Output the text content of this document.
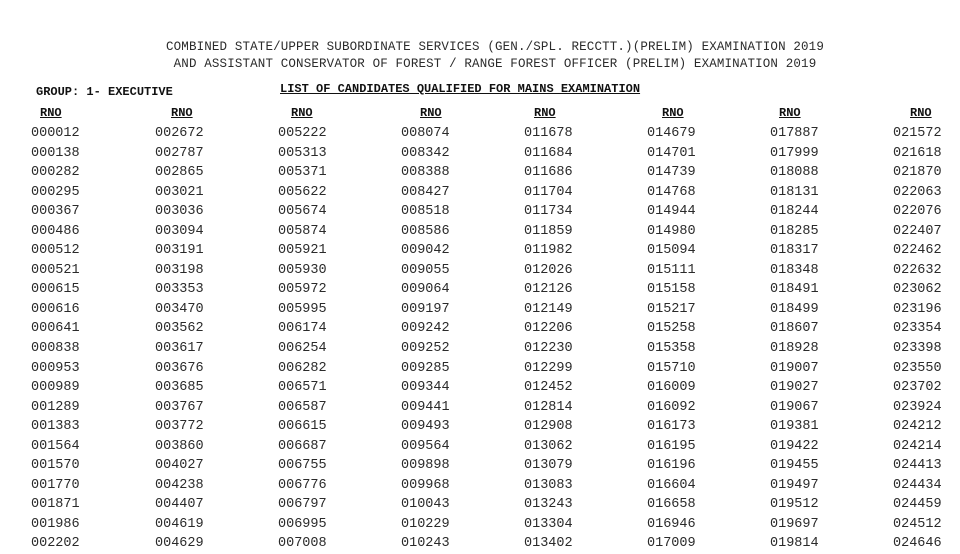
COMBINED STATE/UPPER SUBORDINATE SERVICES (GEN./SPL. RECCTT.)(PRELIM) EXAMINATION 2019
AND ASSISTANT CONSERVATOR OF FOREST / RANGE FOREST OFFICER (PRELIM) EXAMINATION 2019
GROUP: 1- EXECUTIVE	LIST OF CANDIDATES QUALIFIED FOR MAINS EXAMINATION
RNO
000012
000138
000282
000295
000367
000486
000512
000521
000615
000616
000641
000838
000953
000989
001289
001383
001564
001570
001770
001871
001986
002202
RNO
002672
002787
002865
003021
003036
003094
003191
003198
003353
003470
003562
003617
003676
003685
003767
003772
003860
004027
004238
004407
004619
004629
RNO
005222
005313
005371
005622
005674
005874
005921
005930
005972
005995
006174
006254
006282
006571
006587
006615
006687
006755
006776
006797
006995
007008
RNO
008074
008342
008388
008427
008518
008586
009042
009055
009064
009197
009242
009252
009285
009344
009441
009493
009564
009898
009968
010043
010229
010243
RNO
011678
011684
011686
011704
011734
011859
011982
012026
012126
012149
012206
012230
012299
012452
012814
012908
013062
013079
013083
013243
013304
013402
RNO
014679
014701
014739
014768
014944
014980
015094
015111
015158
015217
015258
015358
015710
016009
016092
016173
016195
016196
016604
016658
016946
017009
RNO
017887
017999
018088
018131
018244
018285
018317
018348
018491
018499
018607
018928
019007
019027
019067
019381
019422
019455
019497
019512
019697
019814
RNO
021572
021618
021870
022063
022076
022407
022462
022632
023062
023196
023354
023398
023550
023702
023924
024212
024214
024413
024434
024459
024512
024646
